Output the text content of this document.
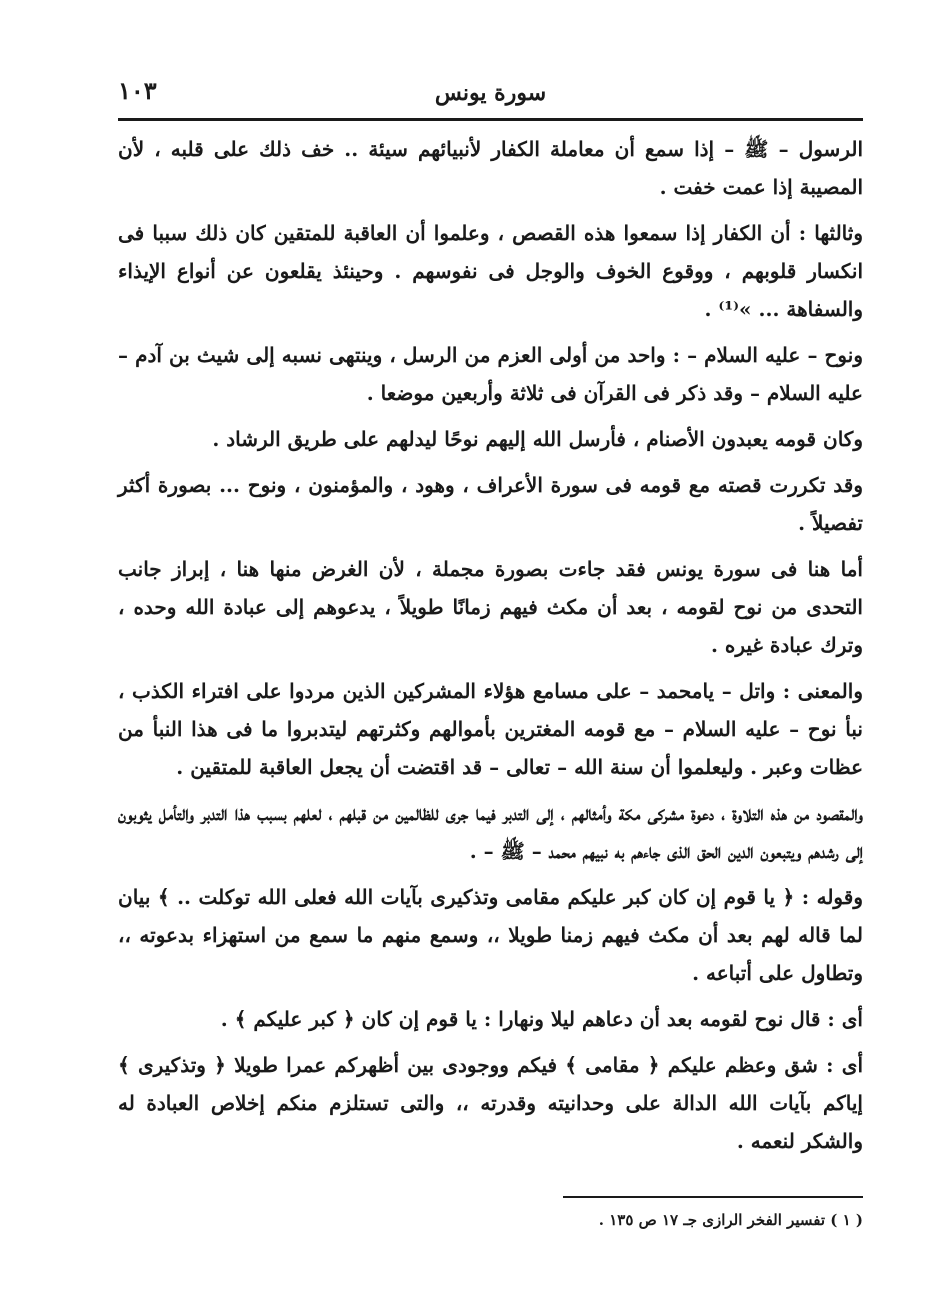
سورة يونس
١٠٣

الرسول – ﷺ – إذا سمع أن معاملة الكفار لأنبيائهم سيئة .. خف ذلك على قلبه ، لأن المصيبة إذا عمت خفت .

وثالثها : أن الكفار إذا سمعوا هذه القصص ، وعلموا أن العاقبة للمتقين كان ذلك سببا فى انكسار قلوبهم ، ووقوع الخوف والوجل فى نفوسهم . وحينئذ يقلعون عن أنواع الإيذاء والسفاهة ... »⁽¹⁾ .

ونوح – عليه السلام – : واحد من أولى العزم من الرسل ، وينتهى نسبه إلى شيث بن آدم – عليه السلام – وقد ذكر فى القرآن فى ثلاثة وأربعين موضعا .

وكان قومه يعبدون الأصنام ، فأرسل الله إليهم نوحًا ليدلهم على طريق الرشاد .

وقد تكررت قصته مع قومه فى سورة الأعراف ، وهود ، والمؤمنون ، ونوح ... بصورة أكثر تفصيلاً .

أما هنا فى سورة يونس فقد جاءت بصورة مجملة ، لأن الغرض منها هنا ، إبراز جانب التحدى من نوح لقومه ، بعد أن مكث فيهم زمانًا طويلاً ، يدعوهم إلى عبادة الله وحده ، وترك عبادة غيره .

والمعنى : واتل – يامحمد – على مسامع هؤلاء المشركين الذين مردوا على افتراء الكذب ، نبأ نوح – عليه السلام – مع قومه المغترين بأموالهم وكثرتهم ليتدبروا ما فى هذا النبأ من عظات وعبر . وليعلموا أن سنة الله – تعالى – قد اقتضت أن يجعل العاقبة للمتقين .

والمقصود من هذه التلاوة ، دعوة مشركى مكة وأمثالهم ، إلى التدبر فيما جرى للظالمين من قبلهم ، لعلهم بسبب هذا التدبر والتأمل يثوبون إلى رشدهم ويتبعون الدين الحق الذى جاءهم به نبيهم محمد – ﷺ – .

وقوله : ﴿ يا قوم إن كان كبر عليكم مقامى وتذكيرى بآيات الله فعلى الله توكلت .. ﴾ بيان لما قاله لهم بعد أن مكث فيهم زمنا طويلا ،، وسمع منهم ما سمع من استهزاء بدعوته ،، وتطاول على أتباعه .

أى : قال نوح لقومه بعد أن دعاهم ليلا ونهارا : يا قوم إن كان ﴿ كبر عليكم ﴾ .

أى : شق وعظم عليكم ﴿ مقامى ﴾ فيكم ووجودى بين أظهركم عمرا طويلا ﴿ وتذكيرى ﴾ إياكم بآيات الله الدالة على وحدانيته وقدرته ،، والتى تستلزم منكم إخلاص العبادة له والشكر لنعمه .

( ١ ) تفسير الفخر الرازى جـ ١٧ ص ١٣٥ .
